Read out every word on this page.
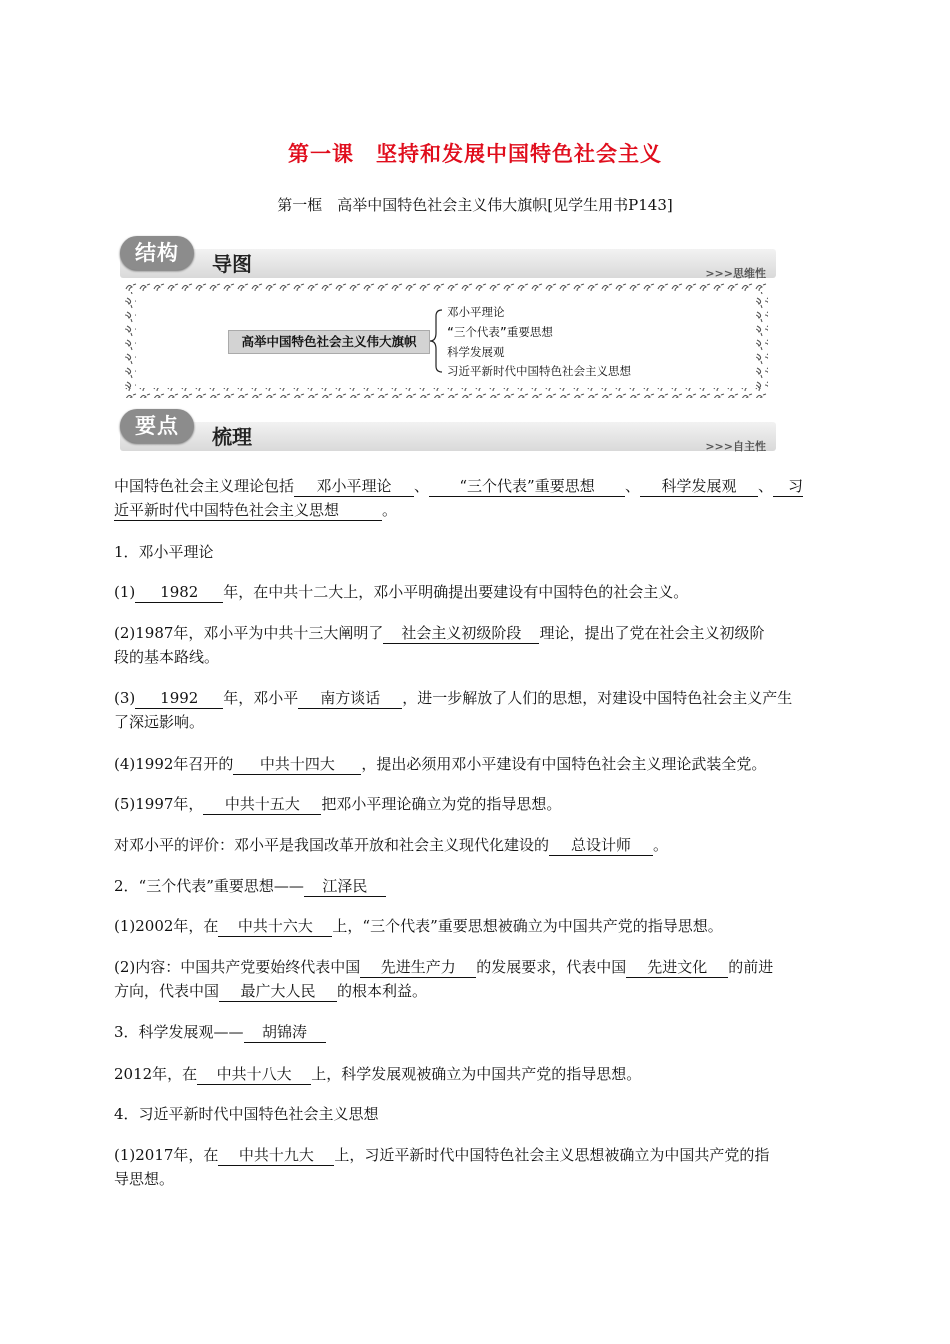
第一课　坚持和发展中国特色社会主义
第一框　高举中国特色社会主义伟大旗帜[见学生用书P143]
结构	导图	>>>思维性
高举中国特色社会主义伟大旗帜
邓小平理论
“三个代表”重要思想
科学发展观
习近平新时代中国特色社会主义思想
要点	梳理	>>>自主性
中国特色社会主义理论包括 邓小平理论 、 “三个代表”重要思想 、 科学发展观 、 习
近平新时代中国特色社会主义思想	。
1．邓小平理论
(1) 1982 年，在中共十二大上，邓小平明确提出要建设有中国特色的社会主义。
(2)1987年，邓小平为中共十三大阐明了 社会主义初级阶段 理论，提出了党在社会主义初级阶
段的基本路线。
(3) 1992 年，邓小平 南方谈话 ，进一步解放了人们的思想，对建设中国特色社会主义产生
了深远影响。
(4)1992年召开的 中共十四大 ，提出必须用邓小平建设有中国特色社会主义理论武装全党。
(5)1997年， 中共十五大 把邓小平理论确立为党的指导思想。
对邓小平的评价：邓小平是我国改革开放和社会主义现代化建设的 总设计师 。
2．“三个代表”重要思想—— 江泽民
(1)2002年，在 中共十六大 上，“三个代表”重要思想被确立为中国共产党的指导思想。
(2)内容：中国共产党要始终代表中国 先进生产力 的发展要求，代表中国 先进文化 的前进
方向，代表中国 最广大人民 的根本利益。
3．科学发展观—— 胡锦涛
2012年，在 中共十八大 上，科学发展观被确立为中国共产党的指导思想。
4．习近平新时代中国特色社会主义思想
(1)2017年，在 中共十九大 上，习近平新时代中国特色社会主义思想被确立为中国共产党的指
导思想。
